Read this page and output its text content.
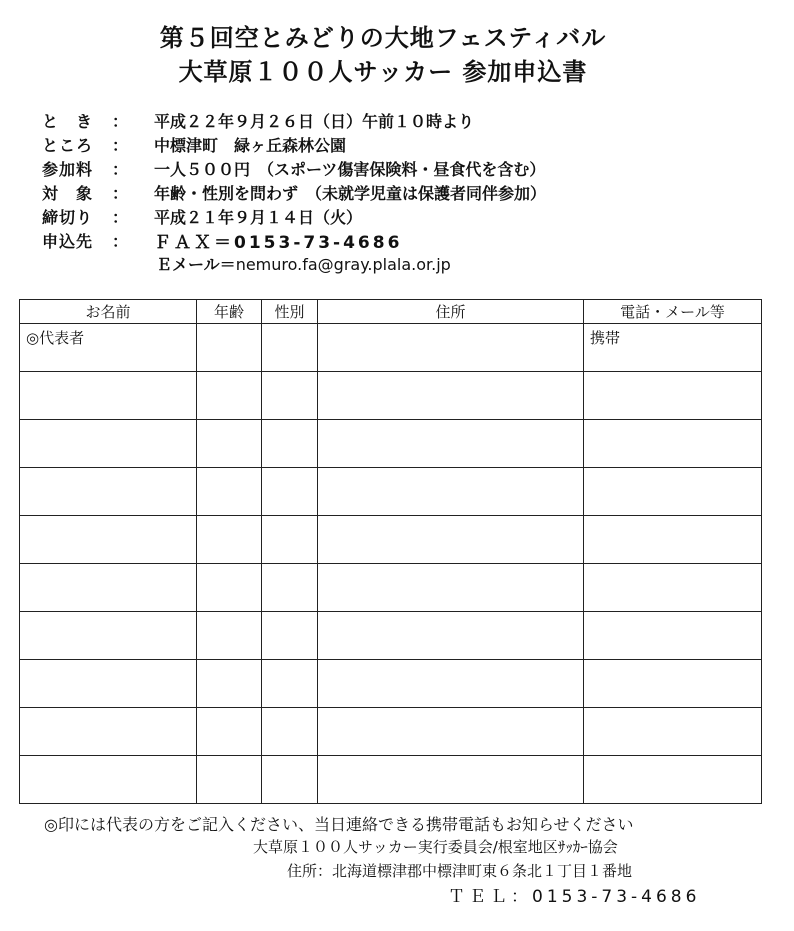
第５回空とみどりの大地フェスティバル
大草原１００人サッカー 参加申込書
と　き	：	平成２２年９月２６日（日）午前１０時より
ところ	：	中標津町　緑ヶ丘森林公園
参加料	：	一人５００円　（スポーツ傷害保険料・昼食代を含む）
対　象	：	年齢・性別を問わず　（未就学児童は保護者同伴参加）
締切り	：	平成２１年９月１４日（火）
申込先	：	ＦＡＸ＝0153-73-4686
Ｅメール＝nemuro.fa@gray.plala.or.jp
お名前	年齢	性別	住所	電話・メール等

◎代表者				携帯

◎印には代表の方をご記入ください、当日連絡できる携帯電話もお知らせください
大草原１００人サッカー実行委員会/根室地区ｻｯｶｰ協会
住所：北海道標津郡中標津町東６条北１丁目１番地
ＴＥＬ：0153-73-4686
